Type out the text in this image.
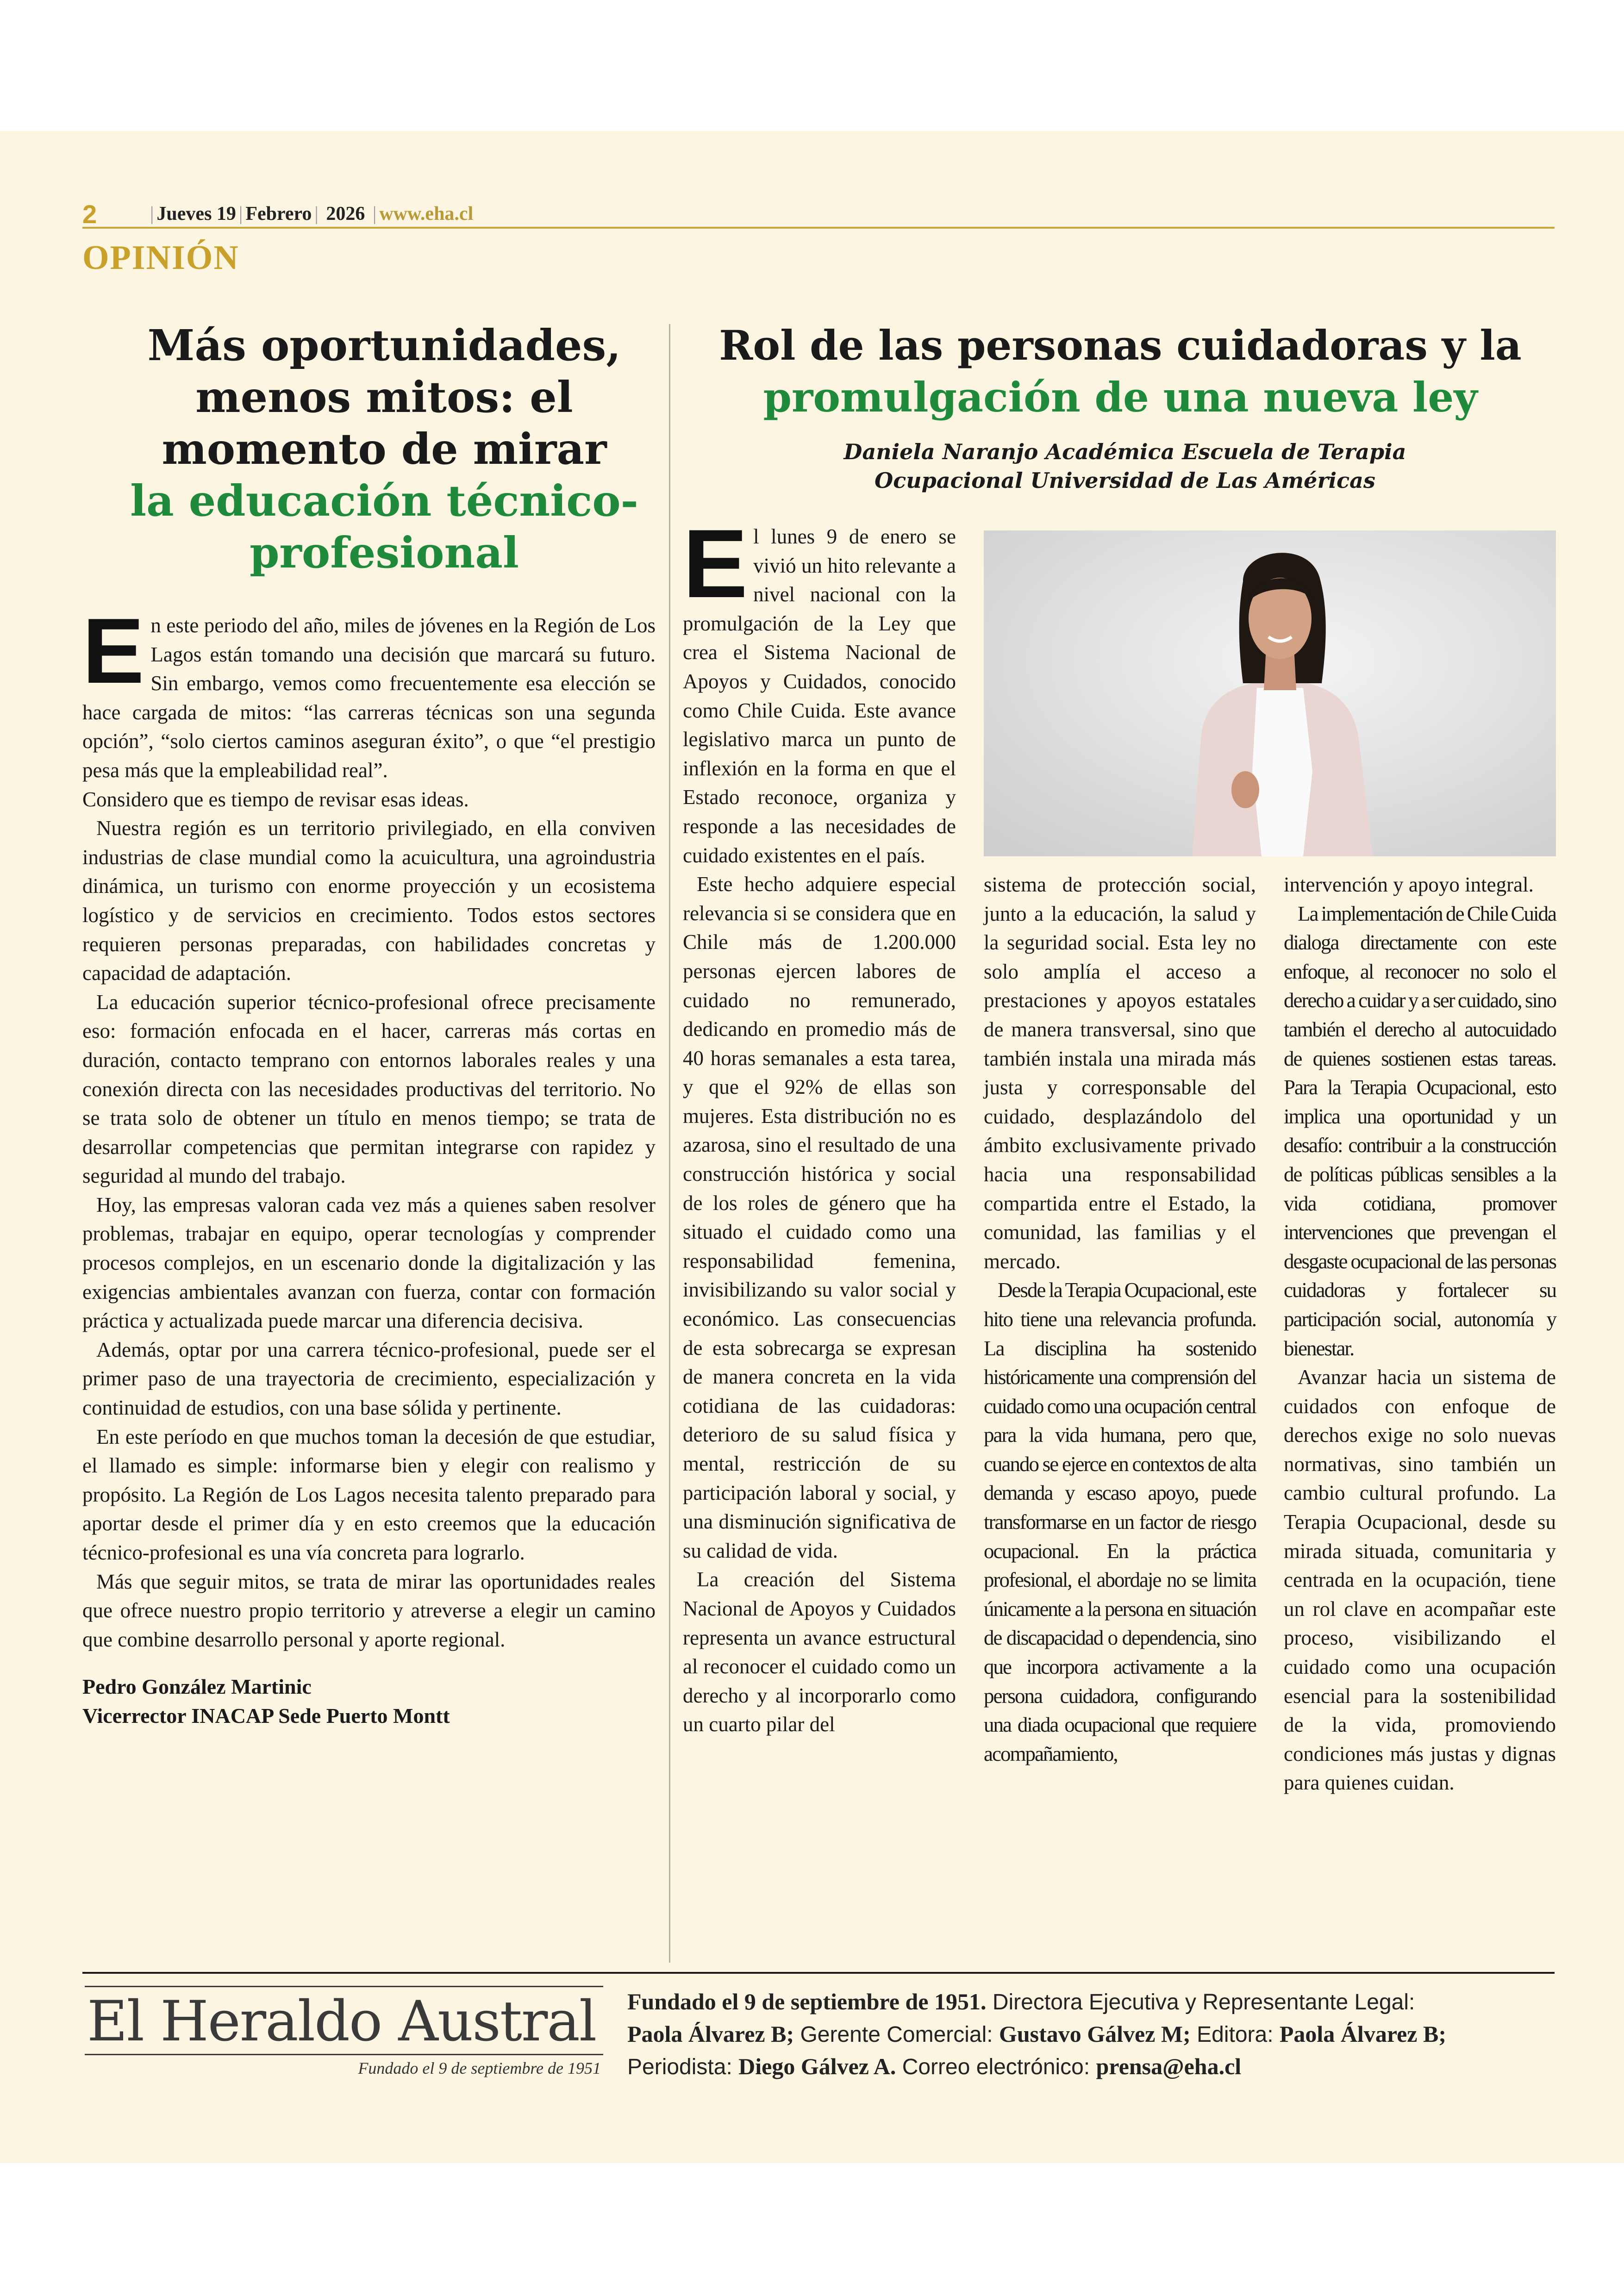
2	| Jueves 19 | Febrero | 2026 | www.eha.cl
OPINIÓN
Más oportunidades, menos mitos: el momento de mirar
la educación técnico-profesional

En este periodo del año, miles de jóvenes en la Región de Los Lagos están tomando una decisión que marcará su futuro. Sin embargo, vemos como frecuentemente esa elección se hace cargada de mitos: “las carreras técnicas son una segunda opción”, “solo ciertos caminos aseguran éxito”, o que “el prestigio pesa más que la empleabilidad real”.

Considero que es tiempo de revisar esas ideas.

Nuestra región es un territorio privilegiado, en ella conviven industrias de clase mundial como la acuicultura, una agroindustria dinámica, un turismo con enorme proyección y un ecosistema logístico y de servicios en crecimiento. Todos estos sectores requieren personas preparadas, con habilidades concretas y capacidad de adaptación.

La educación superior técnico-profesional ofrece precisamente eso: formación enfocada en el hacer, carreras más cortas en duración, contacto temprano con entornos laborales reales y una conexión directa con las necesidades productivas del territorio. No se trata solo de obtener un título en menos tiempo; se trata de desarrollar competencias que permitan integrarse con rapidez y seguridad al mundo del trabajo.

Hoy, las empresas valoran cada vez más a quienes saben resolver problemas, trabajar en equipo, operar tecnologías y comprender procesos complejos, en un escenario donde la digitalización y las exigencias ambientales avanzan con fuerza, contar con formación práctica y actualizada puede marcar una diferencia decisiva.

Además, optar por una carrera técnico-profesional, puede ser el primer paso de una trayectoria de crecimiento, especialización y continuidad de estudios, con una base sólida y pertinente.

En este período en que muchos toman la decesión de que estudiar, el llamado es simple: informarse bien y elegir con realismo y propósito. La Región de Los Lagos necesita talento preparado para aportar desde el primer día y en esto creemos que la educación técnico-profesional es una vía concreta para lograrlo.

Más que seguir mitos, se trata de mirar las oportunidades reales que ofrece nuestro propio territorio y atreverse a elegir un camino que combine desarrollo personal y aporte regional.

Pedro González Martinic

Vicerrector INACAP Sede Puerto Montt

Rol de las personas cuidadoras y la
promulgación de una nueva ley
Daniela Naranjo Académica Escuela de Terapia
Ocupacional Universidad de Las Américas

El lunes 9 de enero se vivió un hito relevante a nivel nacional con la promulgación de la Ley que crea el Sistema Nacional de Apoyos y Cuidados, conocido como Chile Cuida. Este avance legislativo marca un punto de inflexión en la forma en que el Estado reconoce, organiza y responde a las necesidades de cuidado existentes en el país.

Este hecho adquiere especial relevancia si se considera que en Chile más de 1.200.000 personas ejercen labores de cuidado no remunerado, dedicando en promedio más de 40 horas semanales a esta tarea, y que el 92% de ellas son mujeres. Esta distribución no es azarosa, sino el resultado de una construcción histórica y social de los roles de género que ha situado el cuidado como una responsabilidad femenina, invisibilizando su valor social y económico. Las consecuencias de esta sobrecarga se expresan de manera concreta en la vida cotidiana de las cuidadoras: deterioro de su salud física y mental, restricción de su participación laboral y social, y una disminución significativa de su calidad de vida.

La creación del Sistema Nacional de Apoyos y Cuidados representa un avance estructural al reconocer el cuidado como un derecho y al incorporarlo como un cuarto pilar del

sistema de protección social, junto a la educación, la salud y la seguridad social. Esta ley no solo amplía el acceso a prestaciones y apoyos estatales de manera transversal, sino que también instala una mirada más justa y corresponsable del cuidado, desplazándolo del ámbito exclusivamente privado hacia una responsabilidad compartida entre el Estado, la comunidad, las familias y el mercado.

Desde la Terapia Ocupacional, este hito tiene una relevancia profunda. La disciplina ha sostenido históricamente una comprensión del cuidado como una ocupación central para la vida humana, pero que, cuando se ejerce en contextos de alta demanda y escaso apoyo, puede transformarse en un factor de riesgo ocupacional. En la práctica profesional, el abordaje no se limita únicamente a la persona en situación de discapacidad o dependencia, sino que incorpora activamente a la persona cuidadora, configurando una diada ocupacional que requiere acompañamiento,

intervención y apoyo integral.

La implementación de Chile Cuida dialoga directamente con este enfoque, al reconocer no solo el derecho a cuidar y a ser cuidado, sino también el derecho al autocuidado de quienes sostienen estas tareas. Para la Terapia Ocupacional, esto implica una oportunidad y un desafío: contribuir a la construcción de políticas públicas sensibles a la vida cotidiana, promover intervenciones que prevengan el desgaste ocupacional de las personas cuidadoras y fortalecer su participación social, autonomía y bienestar.

Avanzar hacia un sistema de cuidados con enfoque de derechos exige no solo nuevas normativas, sino también un cambio cultural profundo. La Terapia Ocupacional, desde su mirada situada, comunitaria y centrada en la ocupación, tiene un rol clave en acompañar este proceso, visibilizando el cuidado como una ocupación esencial para la sostenibilidad de la vida, promoviendo condiciones más justas y dignas para quienes cuidan.

El Heraldo Austral
Fundado el 9 de septiembre de 1951
Fundado el 9 de septiembre de 1951. Directora Ejecutiva y Representante Legal:
Paola Álvarez B; Gerente Comercial: Gustavo Gálvez M; Editora: Paola Álvarez B;
Periodista: Diego Gálvez A. Correo electrónico: prensa@eha.cl
